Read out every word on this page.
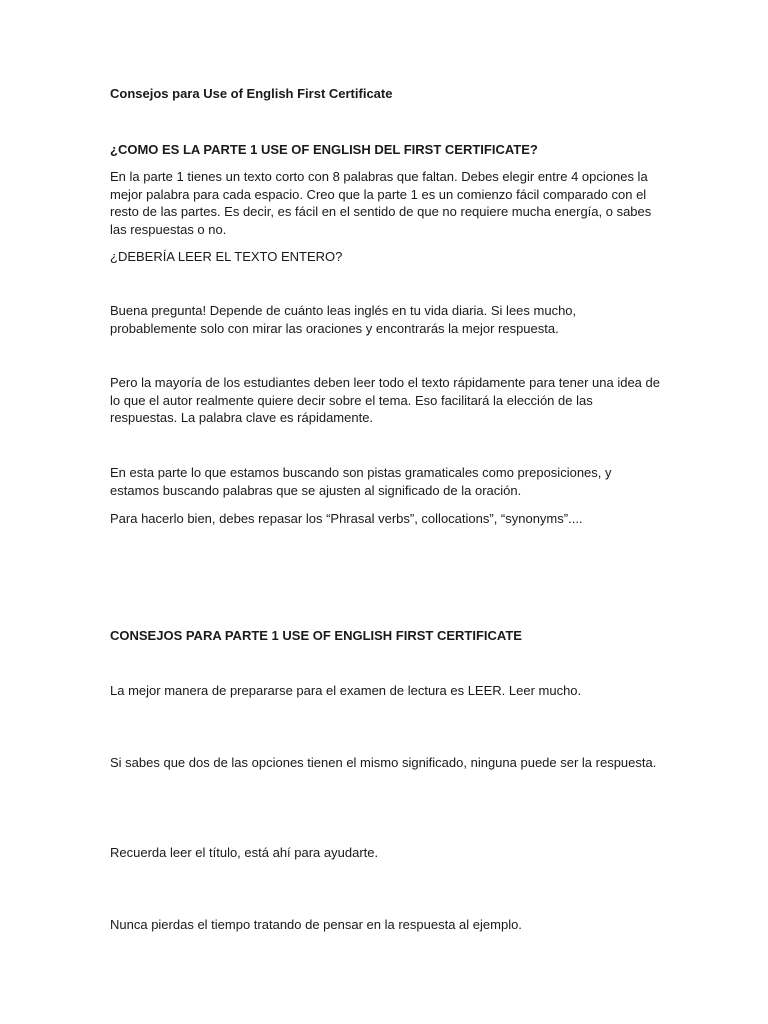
Consejos para Use of English First Certificate

¿COMO ES LA PARTE 1 USE OF ENGLISH DEL FIRST CERTIFICATE?

En la parte 1 tienes un texto corto con 8 palabras que faltan. Debes elegir entre 4 opciones la mejor palabra para cada espacio. Creo que la parte 1 es un comienzo fácil comparado con el resto de las partes. Es decir, es fácil en el sentido de que no requiere mucha energía, o sabes las respuestas o no.

¿DEBERÍA LEER EL TEXTO ENTERO?

Buena pregunta! Depende de cuánto leas inglés en tu vida diaria. Si lees mucho, probablemente solo con mirar las oraciones y encontrarás la mejor respuesta.

Pero la mayoría de los estudiantes deben leer todo el texto rápidamente para tener una idea de lo que el autor realmente quiere decir sobre el tema. Eso facilitará la elección de las respuestas. La palabra clave es rápidamente.

En esta parte lo que estamos buscando son pistas gramaticales como preposiciones, y estamos buscando palabras que se ajusten al significado de la oración.

Para hacerlo bien, debes repasar los “Phrasal verbs”, collocations”, “synonyms”....

CONSEJOS PARA PARTE 1 USE OF ENGLISH FIRST CERTIFICATE

La mejor manera de prepararse para el examen de lectura es LEER. Leer mucho.

Si sabes que dos de las opciones tienen el mismo significado, ninguna puede ser la respuesta.

Recuerda leer el título, está ahí para ayudarte.

Nunca pierdas el tiempo tratando de pensar en la respuesta al ejemplo.
